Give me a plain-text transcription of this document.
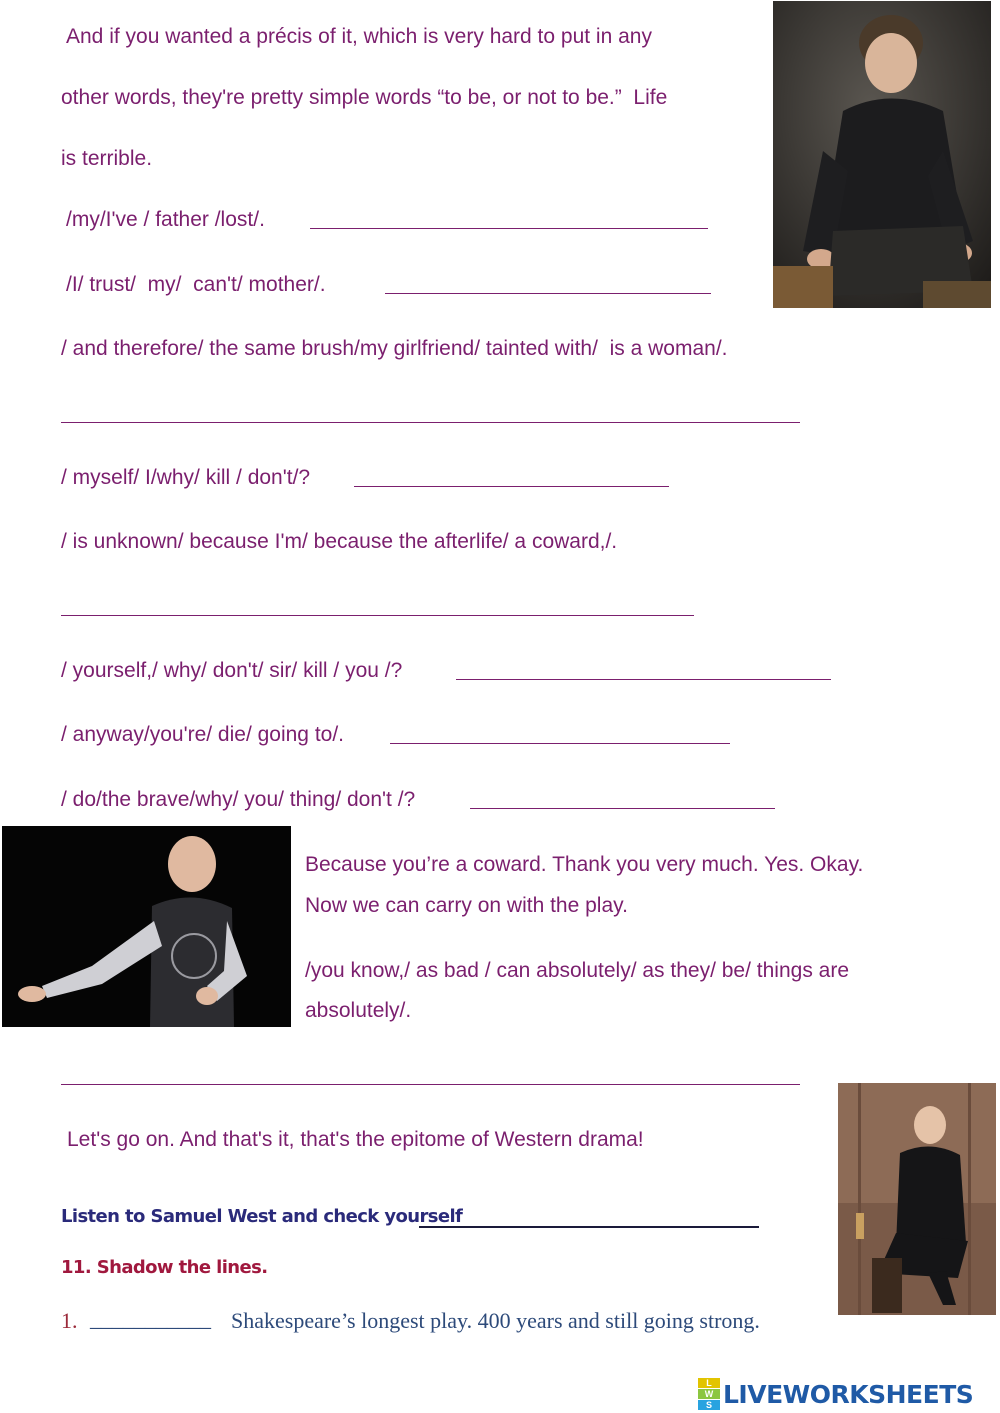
And if you wanted a précis of it, which is very hard to put in any
other words, they're pretty simple words “to be, or not to be.”  Life
is terrible.
/my/I've / father /lost/.
/I/ trust/  my/  can't/ mother/.
/ and therefore/ the same brush/my girlfriend/ tainted with/  is a woman/.
/ myself/ I/why/ kill / don't/?
/ is unknown/ because I'm/ because the afterlife/ a coward,/.
/ yourself,/ why/ don't/ sir/ kill / you /?
/ anyway/you're/ die/ going to/.
/ do/the brave/why/ you/ thing/ don't /?
Because you’re a coward. Thank you very much. Yes. Okay.
Now we can carry on with the play.
/you know,/ as bad / can absolutely/ as they/ be/ things are
absolutely/.
Let's go on. And that's it, that's the epitome of Western drama!
Listen to Samuel West and check yourself
11. Shadow the lines.
1. ___________ Shakespeare’s longest play. 400 years and still going strong.
L
W
S LIVEWORKSHEETS
